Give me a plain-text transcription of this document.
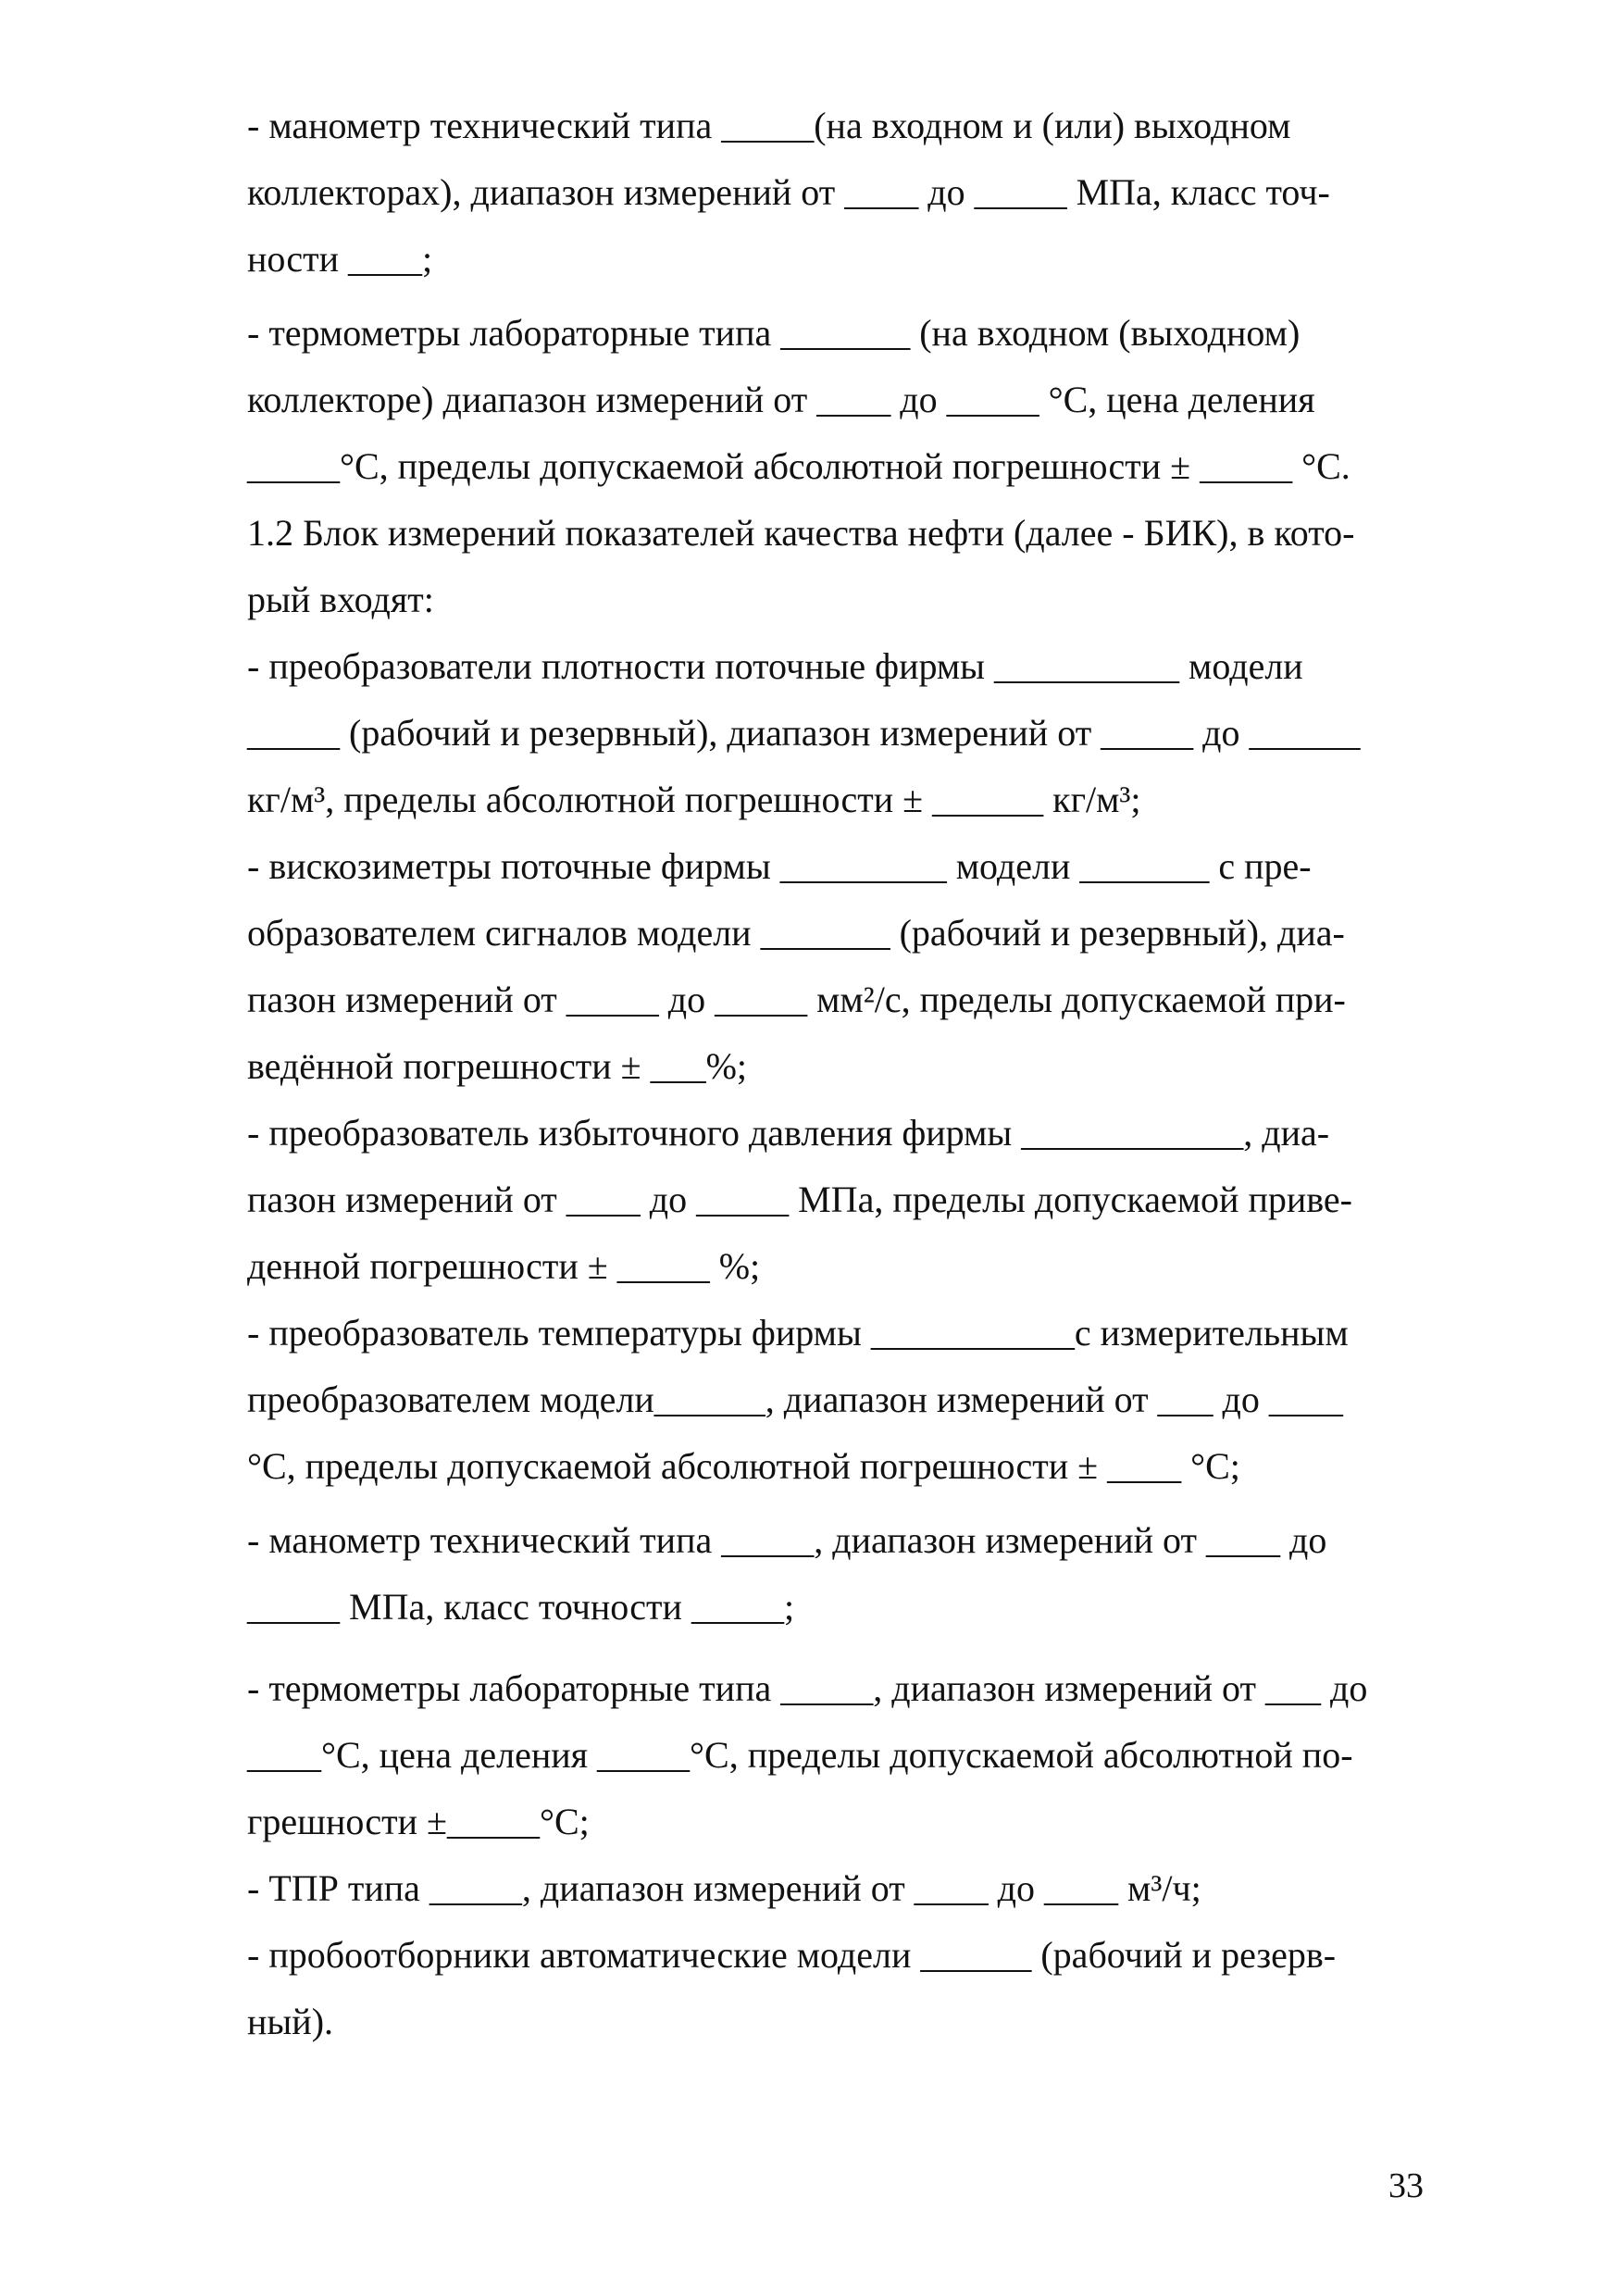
- манометр технический типа _____(на входном и (или) выходном
коллекторах), диапазон измерений от ____ до _____ МПа, класс точ-
ности ____;
- термометры лабораторные типа _______ (на входном (выходном)
коллекторе) диапазон измерений от ____ до _____ °С, цена деления
_____°С, пределы допускаемой абсолютной погрешности ± _____ °С.
1.2 Блок измерений показателей качества нефти (далее - БИК), в кото-
рый входят:
- преобразователи плотности поточные фирмы __________ модели
_____ (рабочий и резервный), диапазон измерений от _____ до ______
кг/м³, пределы абсолютной погрешности ± ______ кг/м³;
- вискозиметры поточные фирмы _________ модели _______ с пре-
образователем сигналов модели _______ (рабочий и резервный), диа-
пазон измерений от _____ до _____ мм²/с, пределы допускаемой при-
ведённой погрешности ± ___%;
- преобразователь избыточного давления фирмы ____________, диа-
пазон измерений от ____ до _____ МПа, пределы допускаемой приве-
денной погрешности ± _____ %;
- преобразователь температуры фирмы ___________с измерительным
преобразователем модели______, диапазон измерений от ___ до ____
°С, пределы допускаемой абсолютной погрешности ± ____ °С;
- манометр технический типа _____, диапазон измерений от ____ до
_____ МПа, класс точности _____;
- термометры лабораторные типа _____, диапазон измерений от ___ до
____°С, цена деления _____°С, пределы допускаемой абсолютной по-
грешности ±_____°С;
- ТПР типа _____, диапазон измерений от ____ до ____ м³/ч;
- пробоотборники автоматические модели ______ (рабочий и резерв-
ный).
33
